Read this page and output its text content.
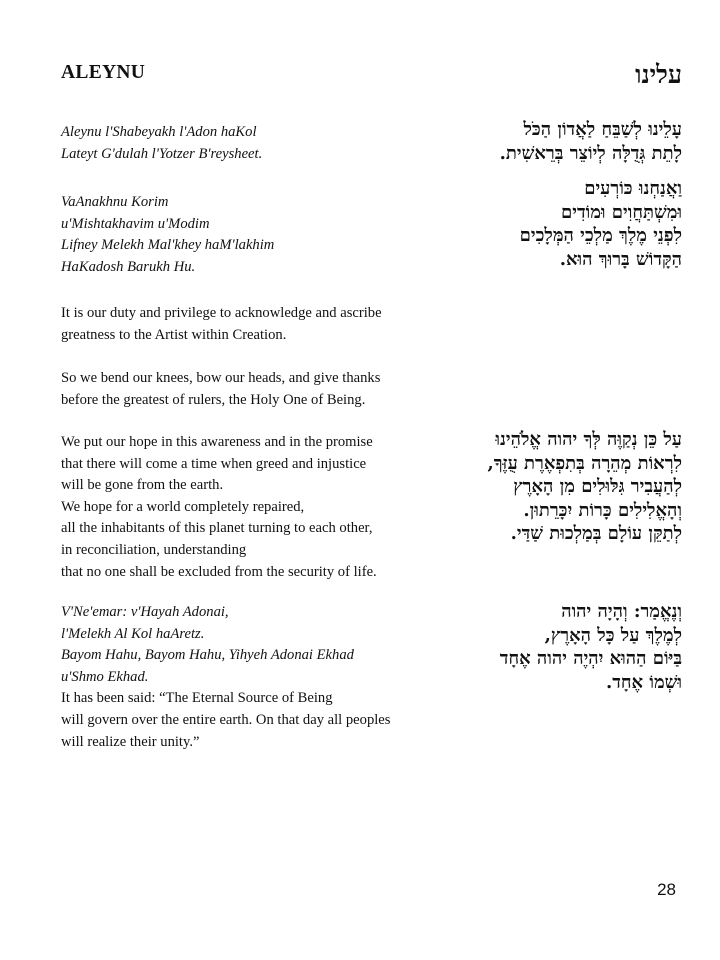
ALEYNU	עלינו
Aleynu l'Shabeyakh l'Adon haKol
Lateyt G'dulah l'Yotzer B'reysheet.
VaAnakhnu Korim
u'Mishtakhavim u'Modim
Lifney Melekh Mal'khey haM'lakhim
HaKadosh Barukh Hu.
It is our duty and privilege to acknowledge and ascribe
greatness to the Artist within Creation.
So we bend our knees, bow our heads, and give thanks
before the greatest of rulers, the Holy One of Being.
We put our hope in this awareness and in the promise
that there will come a time when greed and injustice
will be gone from the earth.
We hope for a world completely repaired,
all the inhabitants of this planet turning to each other,
in reconciliation, understanding
that no one shall be excluded from the security of life.
V'Ne'emar: v'Hayah Adonai,
l'Melekh Al Kol haAretz.
Bayom Hahu, Bayom Hahu, Yihyeh Adonai Ekhad
u'Shmo Ekhad.
It has been said: “The Eternal Source of Being
will govern over the entire earth. On that day all peoples
will realize their unity.”
עָלֵינוּ לְשַׁבֵּחַ לַאֲדוֹן הַכֹּל
לָתֵת גְּדֻלָּה לְיוֹצֵר בְּרֵאשִׁית.
וַאֲנַחְנוּ כּוֹרְעִים
וּמִשְׁתַּחֲוִים וּמוֹדִים
לִפְנֵי מֶלֶךְ מַלְכֵי הַמְּלָכִים
הַקָּדוֹשׁ בָּרוּךְ הוּא.
עַל כֵּן נְקַוֶּה לְּךָ יהוה אֱלֹהֵינוּ
לִרְאוֹת מְהֵרָה בְּתִפְאֶרֶת עֻזֶּךָ,
לְהַעֲבִיר גִּלּוּלִים מִן הָאָרֶץ
וְהָאֱלִילִים כָּרוֹת יִכָּרֵתוּן.
לְתַקֵּן עוֹלָם בְּמַלְכוּת שַׁדַּי.
וְנֶאֱמַר: וְהָיָה יהוה
לְמֶלֶךְ עַל כָּל הָאָרֶץ,
בַּיּוֹם הַהוּא יִהְיֶה יהוה אֶחָד
וּשְׁמוֹ אֶחָד.
28
